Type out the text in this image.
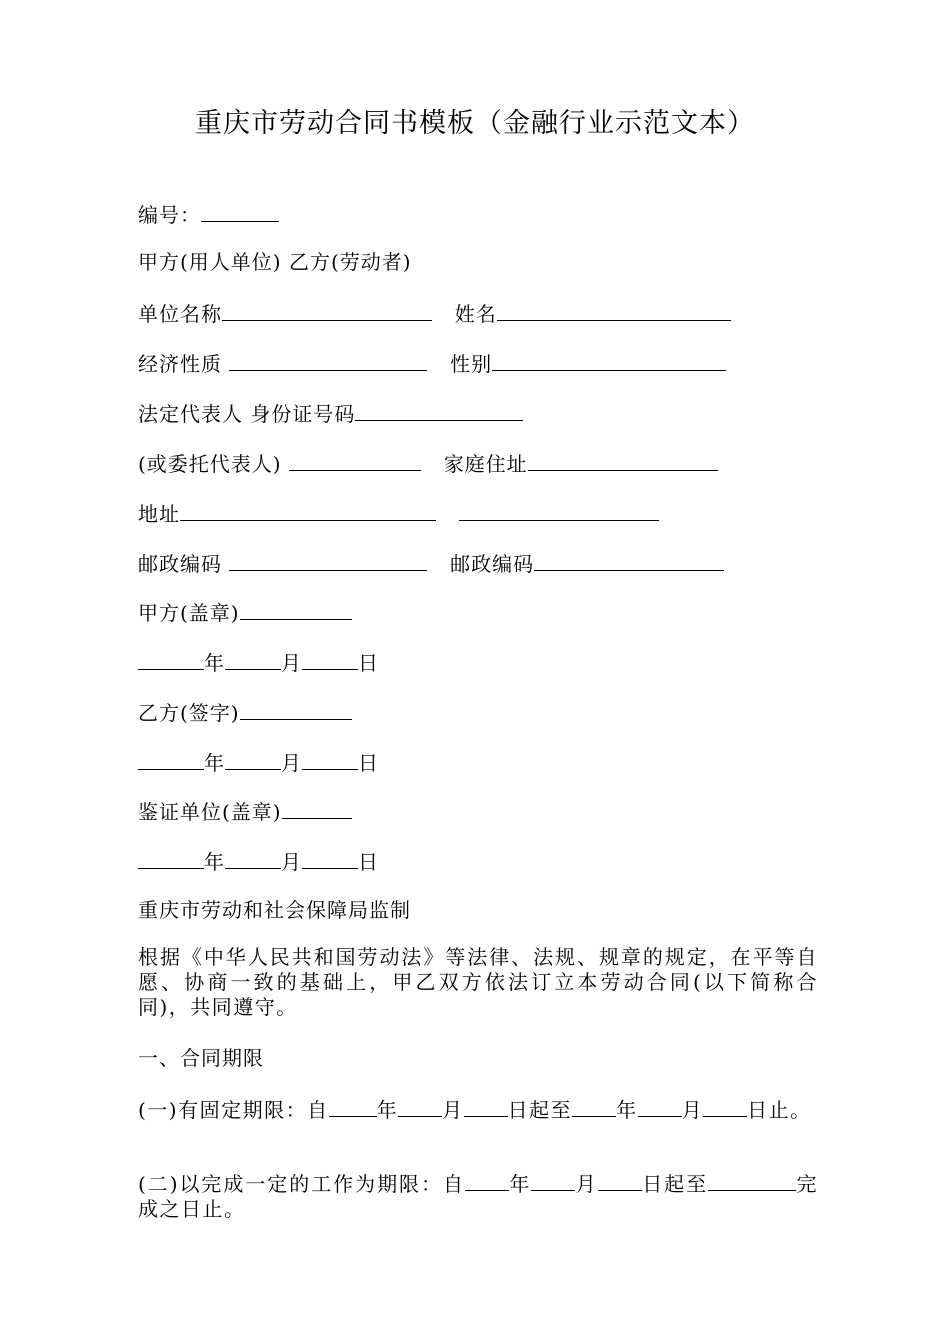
重庆市劳动合同书模板（金融行业示范文本）
编号：
甲方(用人单位) 乙方(劳动者)
单位名称	姓名
经济性质	性别
法定代表人 身份证号码
(或委托代表人)	家庭住址
地址
邮政编码	邮政编码
甲方(盖章)
年	月	日
乙方(签字)
年	月	日
鉴证单位(盖章)
年	月	日
重庆市劳动和社会保障局监制
根据《中华人民共和国劳动法》等法律、法规、规章的规定，在平等自愿、协商一致的基础上，甲乙双方依法订立本劳动合同(以下简称合同)，共同遵守。
一、合同期限
(一)有固定期限：自 年 月 日起至 年 月 日止。
(二)以完成一定的工作为期限：自 年 月 日起至	完成之日止。
